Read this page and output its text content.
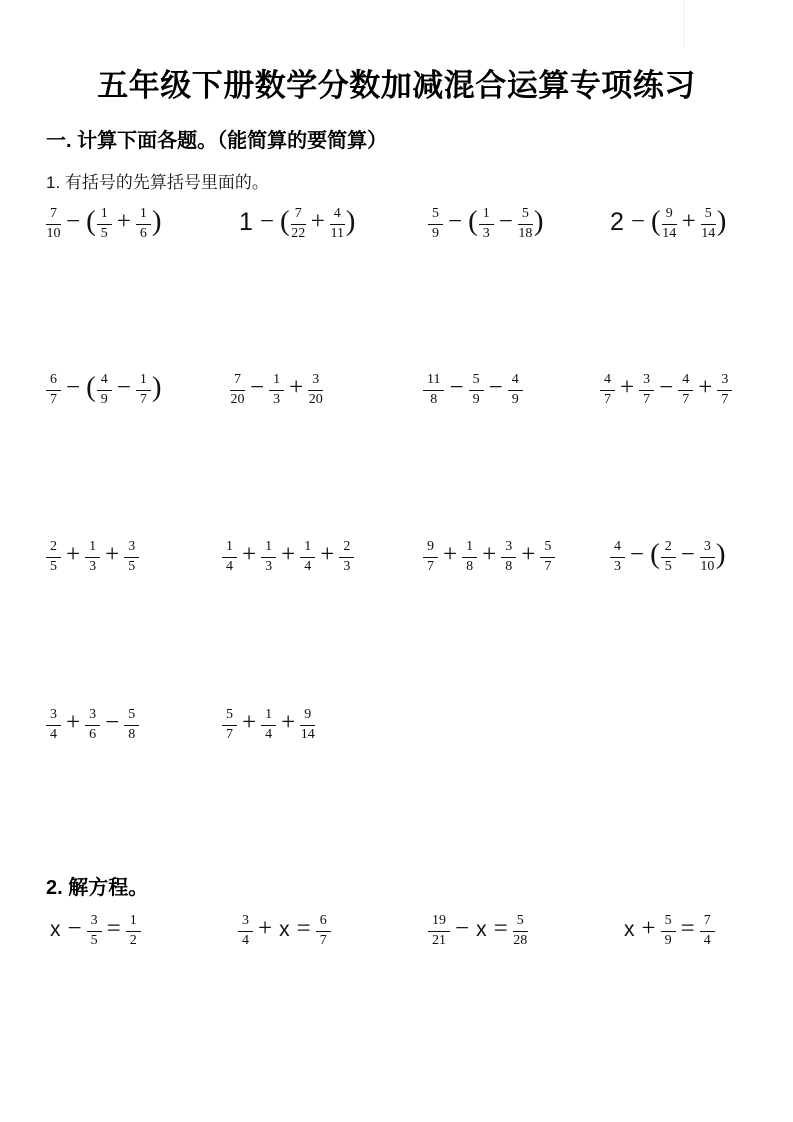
五年级下册数学分数加减混合运算专项练习
一. 计算下面各题。（能简算的要简算）
1. 有括号的先算括号里面的。
2. 解方程。
$\frac{7}{10}$ − ( $\frac{1}{5} + \frac{1}{6}$ )	1 − ( $\frac{7}{22} + \frac{4}{11}$ )	$\frac{5}{9}$ − ( $\frac{1}{3} - \frac{5}{18}$ )	2 − ( $\frac{9}{14} + \frac{5}{14}$ )
$\frac{6}{7}$ − ( $\frac{4}{9} - \frac{1}{7}$ )	$\frac{7}{20} - \frac{1}{3} + \frac{3}{20}$	$\frac{11}{8} - \frac{5}{9} - \frac{4}{9}$	$\frac{4}{7} + \frac{3}{7} - \frac{4}{7} + \frac{3}{7}$
$\frac{2}{5} + \frac{1}{3} + \frac{3}{5}$	$\frac{1}{4} + \frac{1}{3} + \frac{1}{4} + \frac{2}{3}$	$\frac{9}{7} + \frac{1}{8} + \frac{3}{8} + \frac{5}{7}$	$\frac{4}{3}$ − ( $\frac{2}{5} - \frac{3}{10}$ )
$\frac{3}{4} + \frac{3}{6} - \frac{5}{8}$	$\frac{5}{7} + \frac{1}{4} + \frac{9}{14}$
$x - \frac{3}{5} = \frac{1}{2}$	$\frac{3}{4} + x = \frac{6}{7}$	$\frac{19}{21} - x = \frac{5}{28}$	$x + \frac{5}{9} = \frac{7}{4}$
